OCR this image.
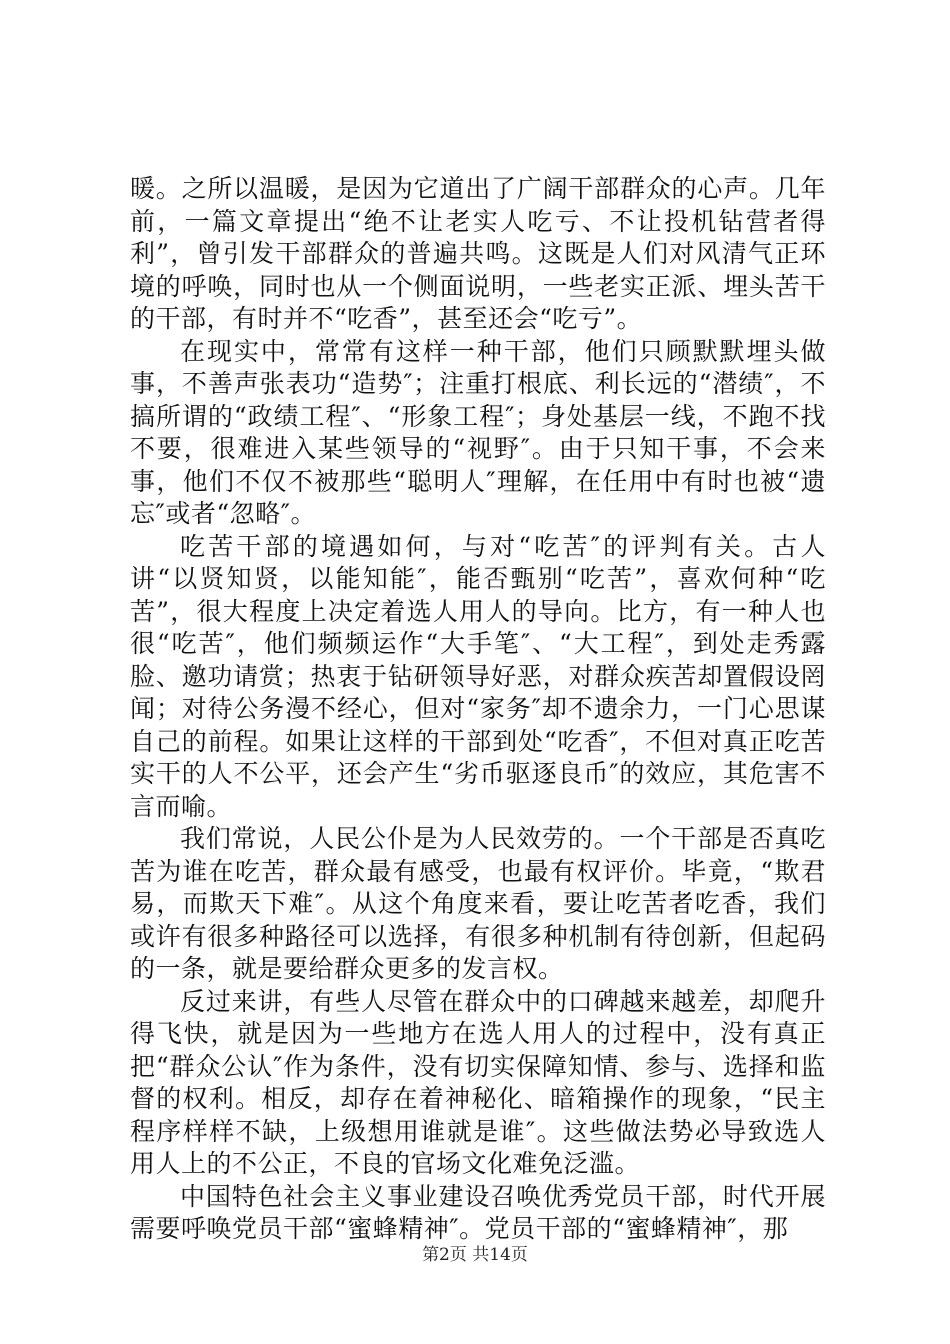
暖。之所以温暖，是因为它道出了广阔干部群众的心声。几年前，一篇文章提出“绝不让老实人吃亏、不让投机钻营者得利”，曾引发干部群众的普遍共鸣。这既是人们对风清气正环境的呼唤，同时也从一个侧面说明，一些老实正派、埋头苦干的干部，有时并不“吃香”，甚至还会“吃亏”。

在现实中，常常有这样一种干部，他们只顾默默埋头做事，不善声张表功“造势″；注重打根底、利长远的“潜绩″，不搞所谓的“政绩工程″、“形象工程″；身处基层一线，不跑不找不要，很难进入某些领导的“视野″。由于只知干事，不会来事，他们不仅不被那些“聪明人″理解，在任用中有时也被“遗忘″或者“忽略″。

吃苦干部的境遇如何，与对“吃苦″的评判有关。古人讲“以贤知贤，以能知能″，能否甄别“吃苦”，喜欢何种“吃苦”，很大程度上决定着选人用人的导向。比方，有一种人也很“吃苦″，他们频频运作“大手笔″、“大工程″，到处走秀露脸、邀功请赏；热衷于钻研领导好恶，对群众疾苦却置假设罔闻；对待公务漫不经心，但对“家务″却不遗余力，一门心思谋自己的前程。如果让这样的干部到处“吃香″，不但对真正吃苦实干的人不公平，还会产生“劣币驱逐良币″的效应，其危害不言而喻。

我们常说，人民公仆是为人民效劳的。一个干部是否真吃苦为谁在吃苦，群众最有感受，也最有权评价。毕竟，“欺君易，而欺天下难″。从这个角度来看，要让吃苦者吃香，我们或许有很多种路径可以选择，有很多种机制有待创新，但起码的一条，就是要给群众更多的发言权。

反过来讲，有些人尽管在群众中的口碑越来越差，却爬升得飞快，就是因为一些地方在选人用人的过程中，没有真正把“群众公认″作为条件，没有切实保障知情、参与、选择和监督的权利。相反，却存在着神秘化、暗箱操作的现象，“民主程序样样不缺，上级想用谁就是谁″。这些做法势必导致选人用人上的不公正，不良的官场文化难免泛滥。

中国特色社会主义事业建设召唤优秀党员干部，时代开展需要呼唤党员干部“蜜蜂精神″。党员干部的“蜜蜂精神″，那

第2页 共14页
